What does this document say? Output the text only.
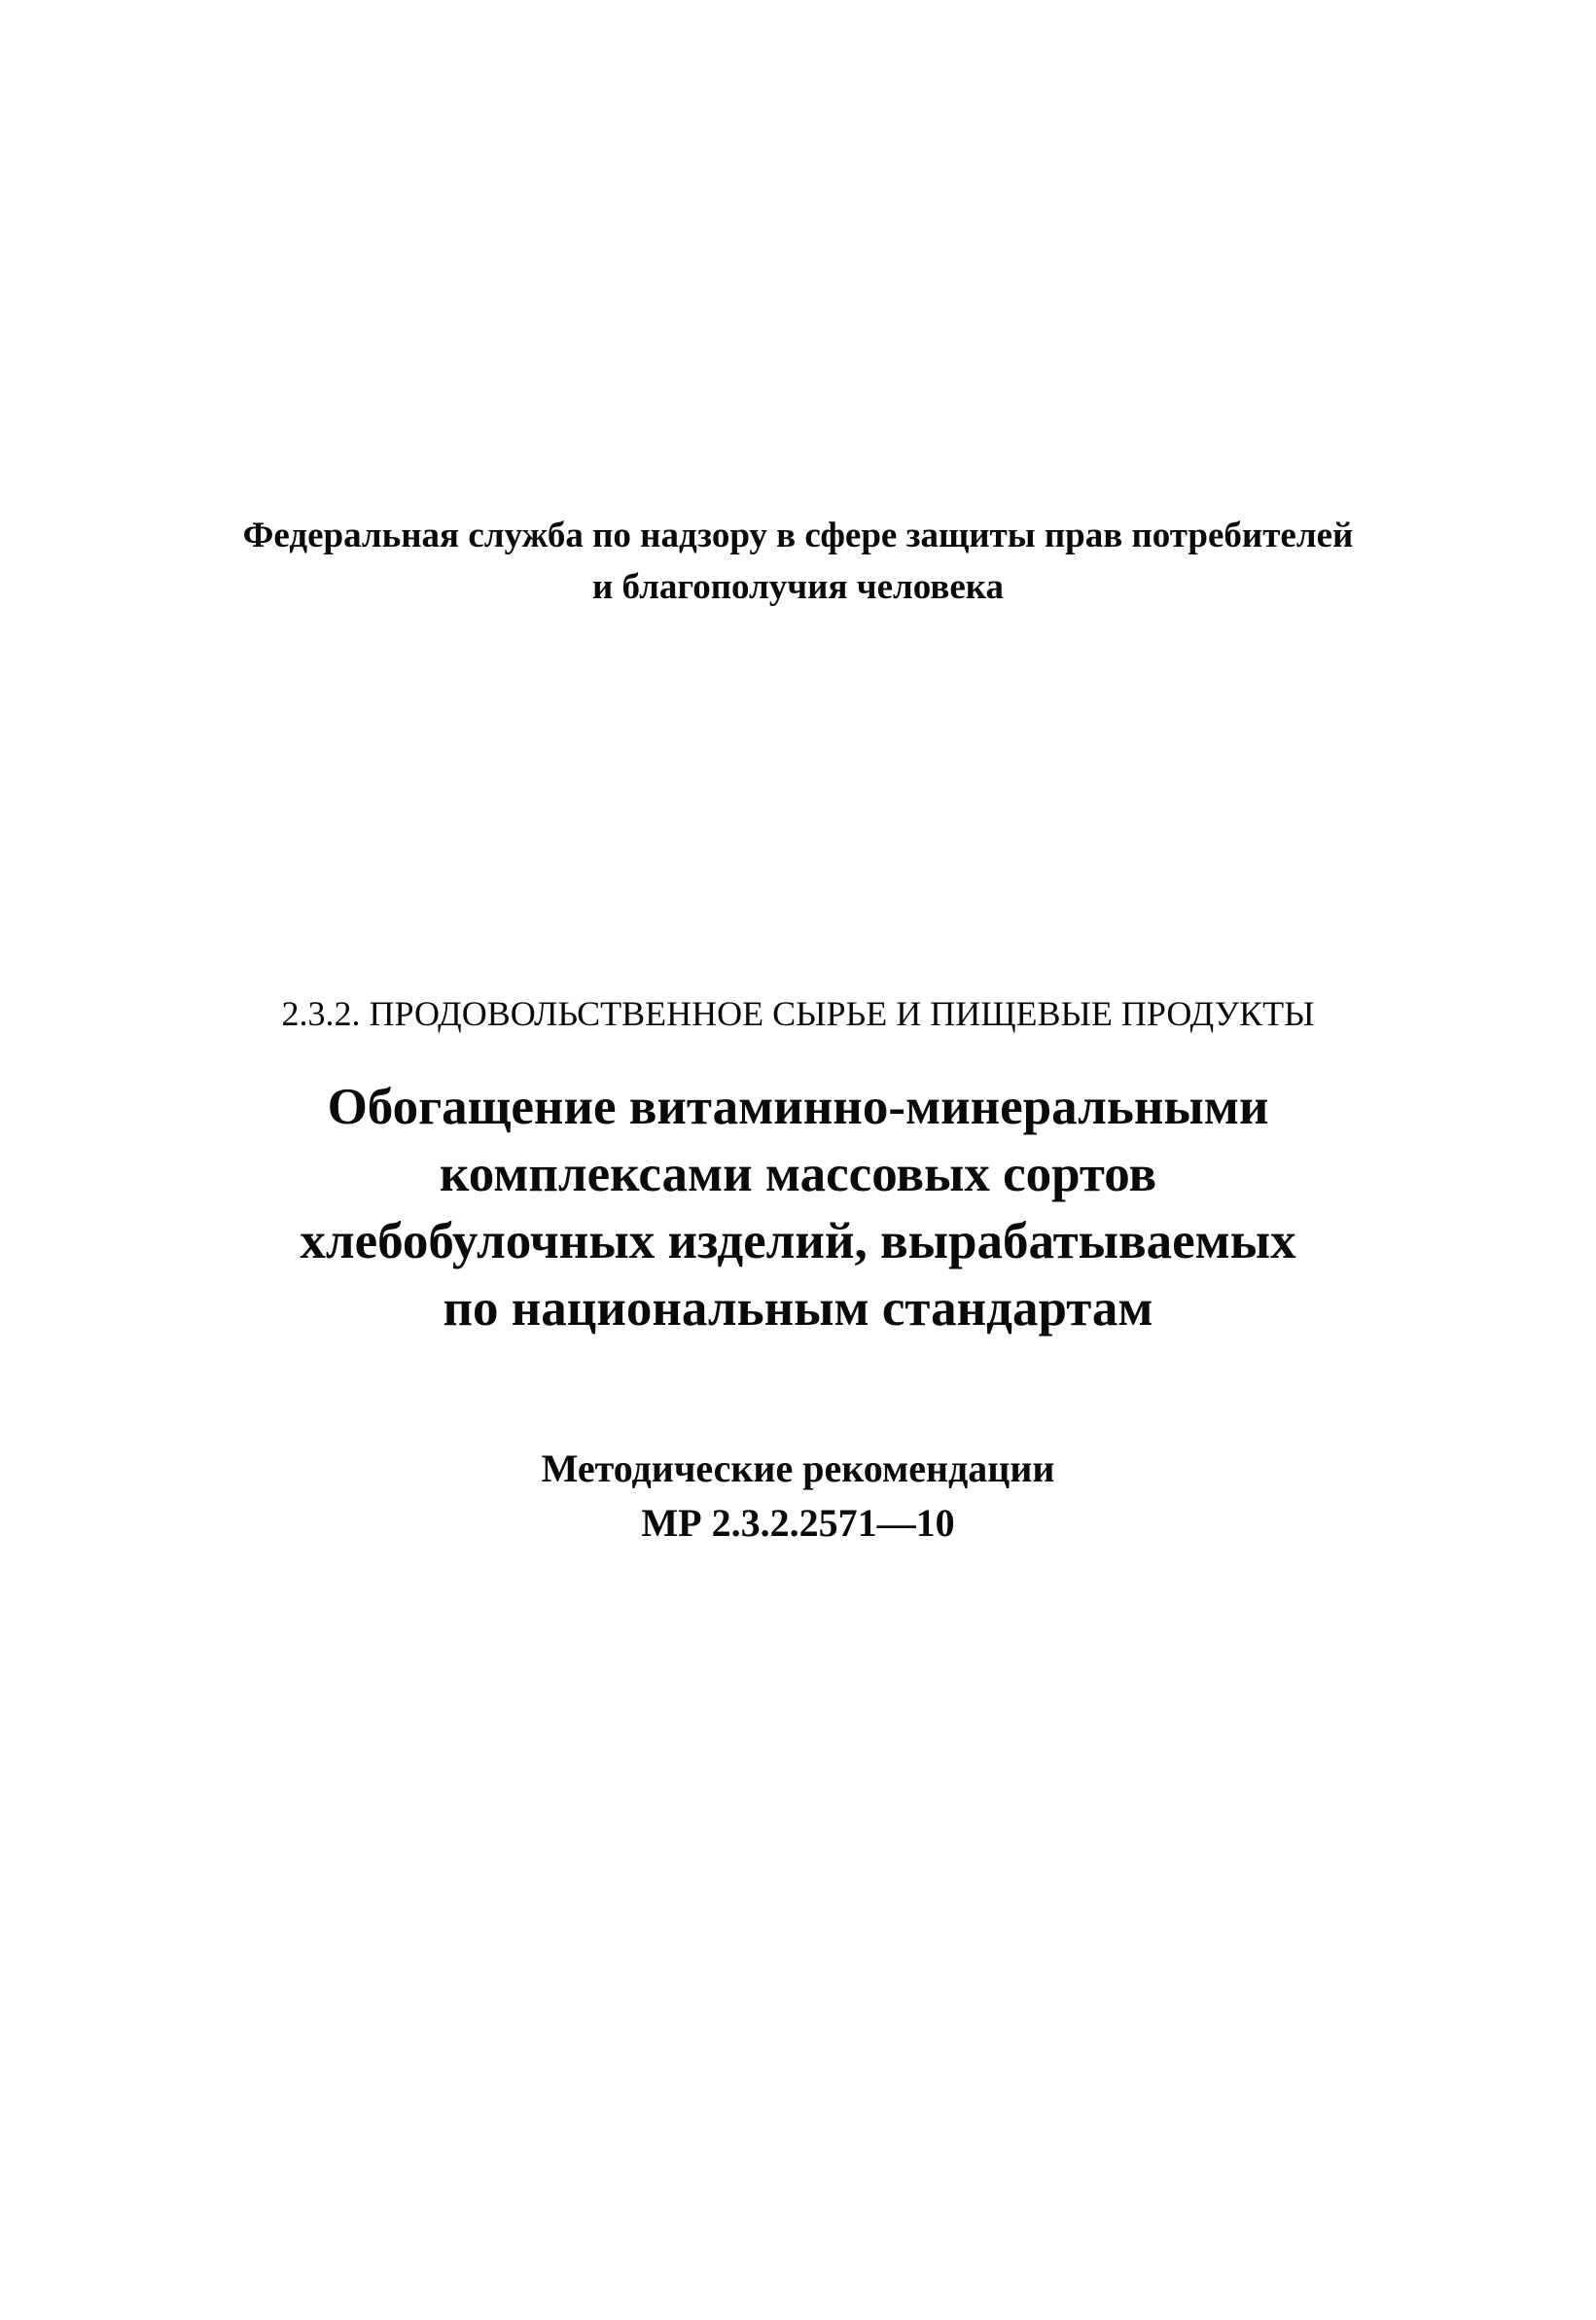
Федеральная служба по надзору в сфере защиты прав потребителей
и благополучия человека
2.3.2. ПРОДОВОЛЬСТВЕННОЕ СЫРЬЕ И ПИЩЕВЫЕ ПРОДУКТЫ
Обогащение витаминно-минеральными
комплексами массовых сортов
хлебобулочных изделий, вырабатываемых
по национальным стандартам
Методические рекомендации
МР 2.3.2.2571—10
